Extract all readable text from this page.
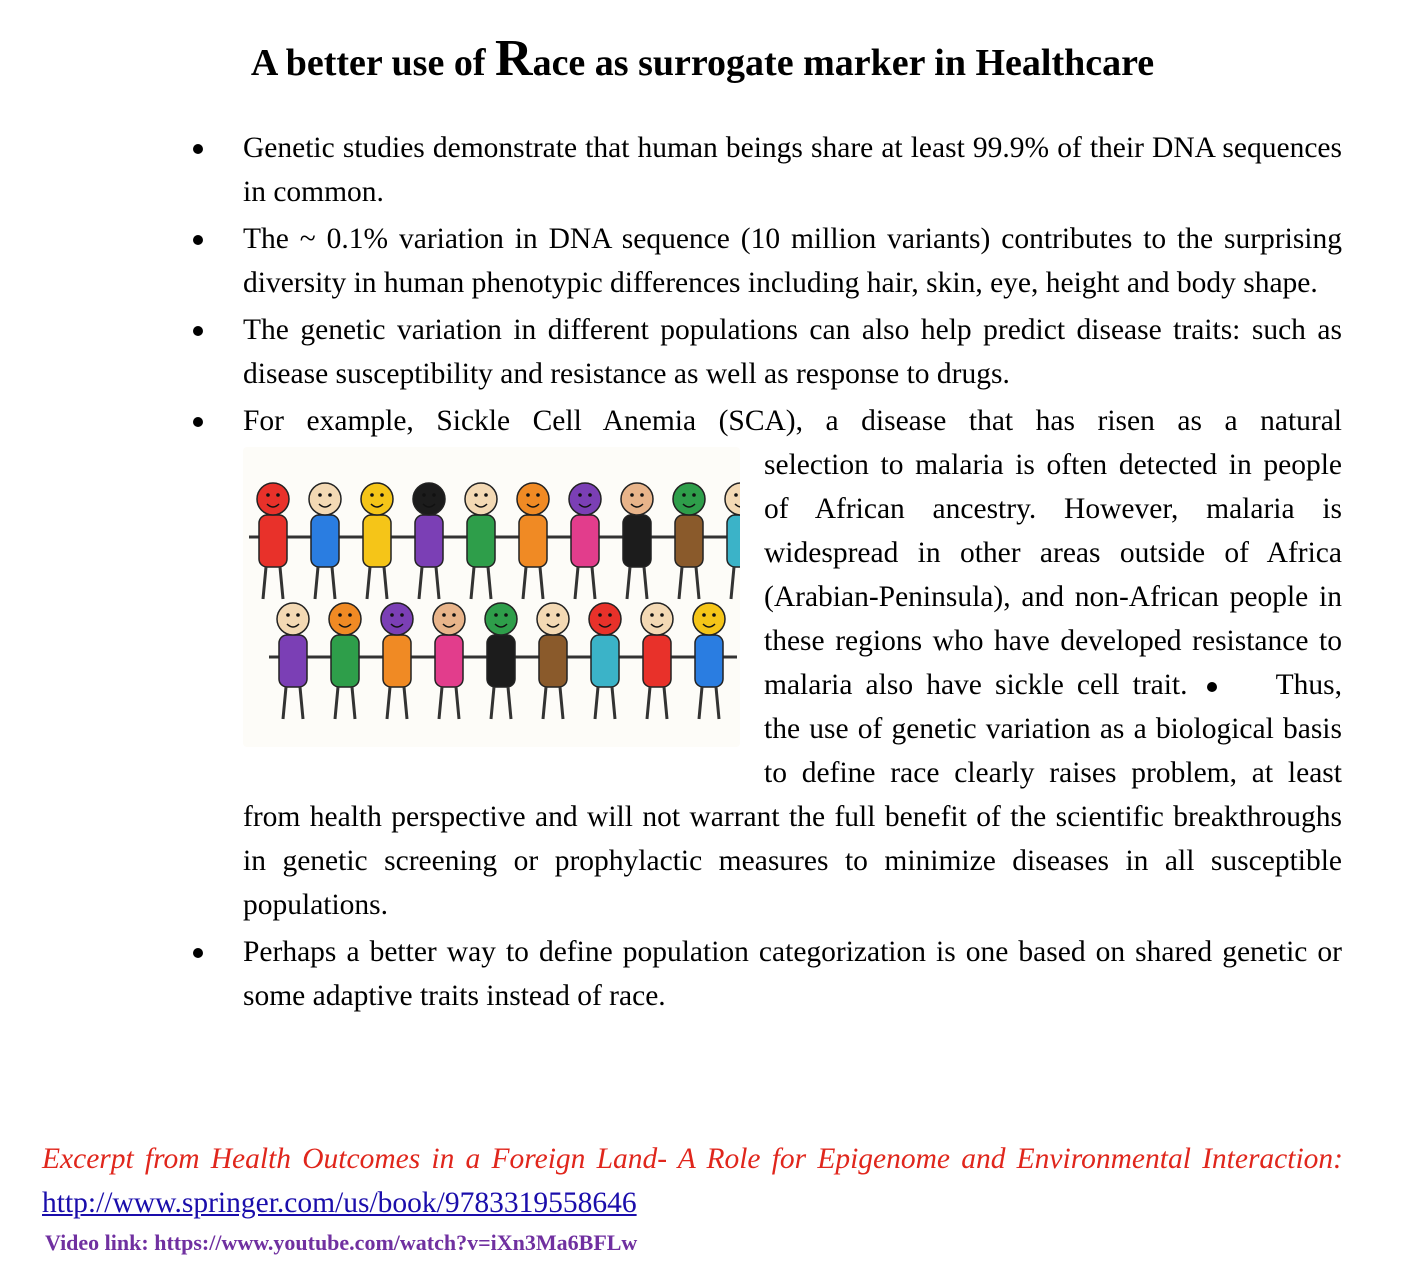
A better use of Race as surrogate marker in Healthcare
Genetic studies demonstrate that human beings share at least 99.9% of their DNA sequences in common.
The ~ 0.1% variation in DNA sequence (10 million variants) contributes to the surprising diversity in human phenotypic differences including hair, skin, eye, height and body shape.
The genetic variation in different populations can also help predict disease traits: such as disease susceptibility and resistance as well as response to drugs.
For example, Sickle Cell Anemia (SCA), a disease that has risen as a natural
selection to malaria is often detected in people of African ancestry. However, malaria is widespread in other areas outside of Africa (Arabian-Peninsula), and non-African people in these regions who have developed resistance to malaria also have sickle cell trait.	Thus, the use of genetic variation as a biological basis to define race clearly raises problem, at least from health perspective and will not warrant the full benefit of the scientific breakthroughs in genetic screening or prophylactic measures to minimize diseases in all susceptible populations.
Perhaps a better way to define population categorization is one based on shared genetic or some adaptive traits instead of race.

Excerpt from Health Outcomes in a Foreign Land- A Role for Epigenome and Environmental Interaction: http://www.springer.com/us/book/9783319558646

Video link: https://www.youtube.com/watch?v=iXn3Ma6BFLw
